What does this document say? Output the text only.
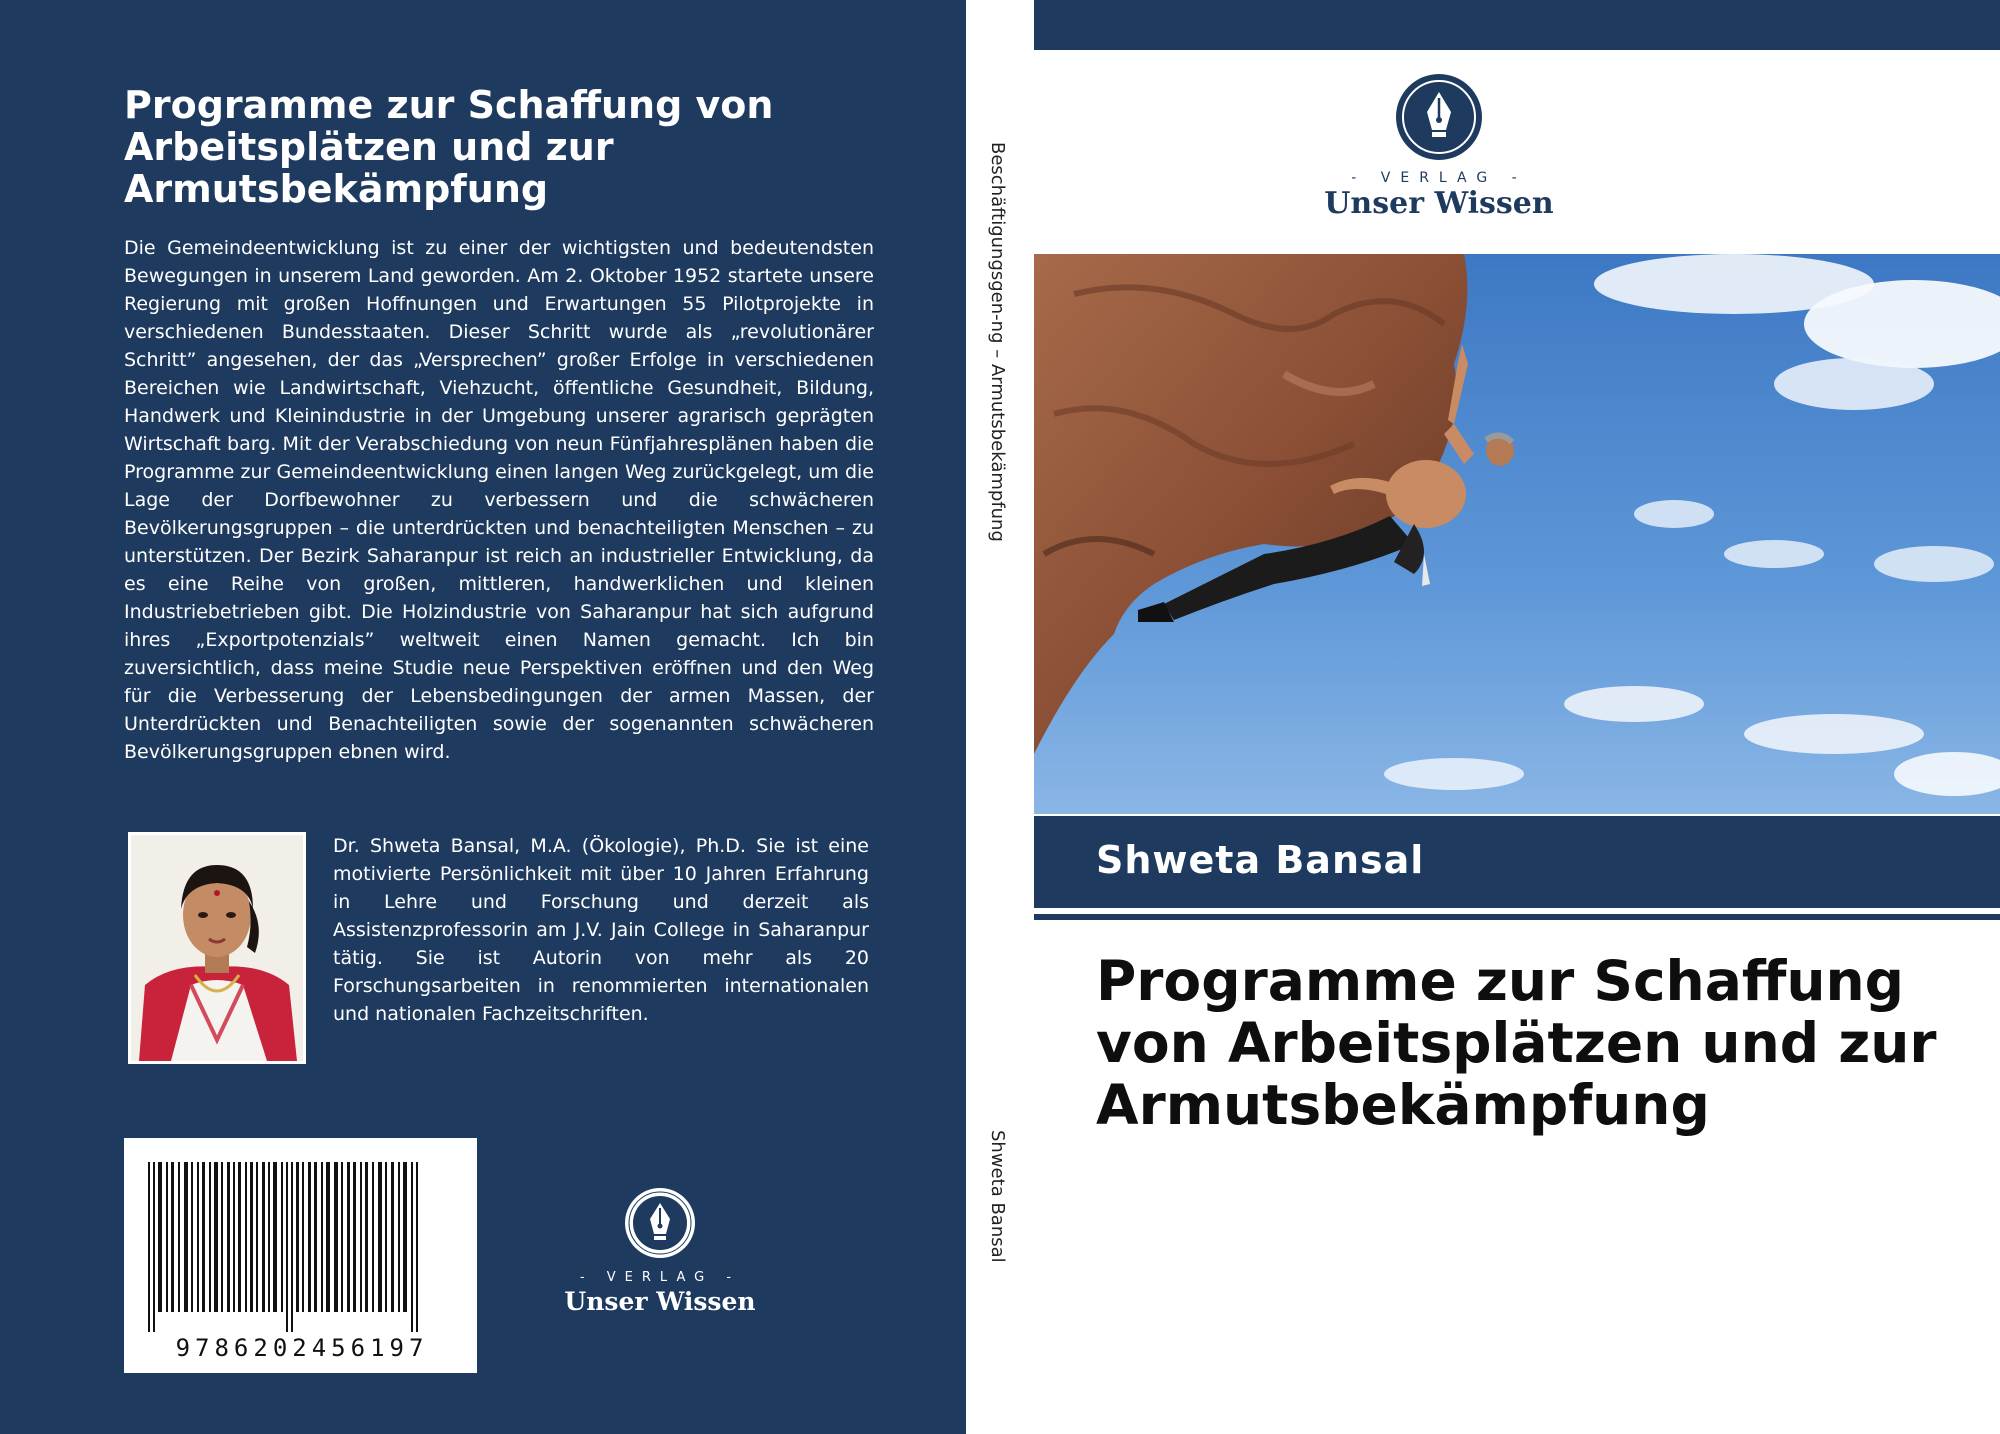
Programme zur Schaffung von Arbeitsplätzen und zur Armutsbekämpfung

Die Gemeindeentwicklung ist zu einer der wichtigsten und bedeutendsten Bewegungen in unserem Land geworden. Am 2. Oktober 1952 startete unsere Regierung mit großen Hoffnungen und Erwartungen 55 Pilotprojekte in verschiedenen Bundesstaaten. Dieser Schritt wurde als „revolutionärer Schritt” angesehen, der das „Versprechen” großer Erfolge in verschiedenen Bereichen wie Landwirtschaft, Viehzucht, öffentliche Gesundheit, Bildung, Handwerk und Kleinindustrie in der Umgebung unserer agrarisch geprägten Wirtschaft barg. Mit der Verabschiedung von neun Fünfjahresplänen haben die Programme zur Gemeindeentwicklung einen langen Weg zurückgelegt, um die Lage der Dorfbewohner zu verbessern und die schwächeren Bevölkerungsgruppen – die unterdrückten und benachteiligten Menschen – zu unterstützen. Der Bezirk Saharanpur ist reich an industrieller Entwicklung, da es eine Reihe von großen, mittleren, handwerklichen und kleinen Industriebetrieben gibt. Die Holzindustrie von Saharanpur hat sich aufgrund ihres „Exportpotenzials” weltweit einen Namen gemacht. Ich bin zuversichtlich, dass meine Studie neue Perspektiven eröffnen und den Weg für die Verbesserung der Lebensbedingungen der armen Massen, der Unterdrückten und Benachteiligten sowie der sogenannten schwächeren Bevölkerungsgruppen ebnen wird.

Dr. Shweta Bansal, M.A. (Ökologie), Ph.D. Sie ist eine motivierte Persönlichkeit mit über 10 Jahren Erfahrung in Lehre und Forschung und derzeit als Assistenzprofessorin am J.V. Jain College in Saharanpur tätig. Sie ist Autorin von mehr als 20 Forschungsarbeiten in renommierten internationalen und nationalen Fachzeitschriften.

9786202456197
- VERLAG -
Unser Wissen
Beschäftigungsgen-ng – Armutsbekämpfung
Shweta Bansal
- VERLAG -
Unser Wissen
Shweta Bansal
Programme zur Schaffung von Arbeitsplätzen und zur Armutsbekämpfung
